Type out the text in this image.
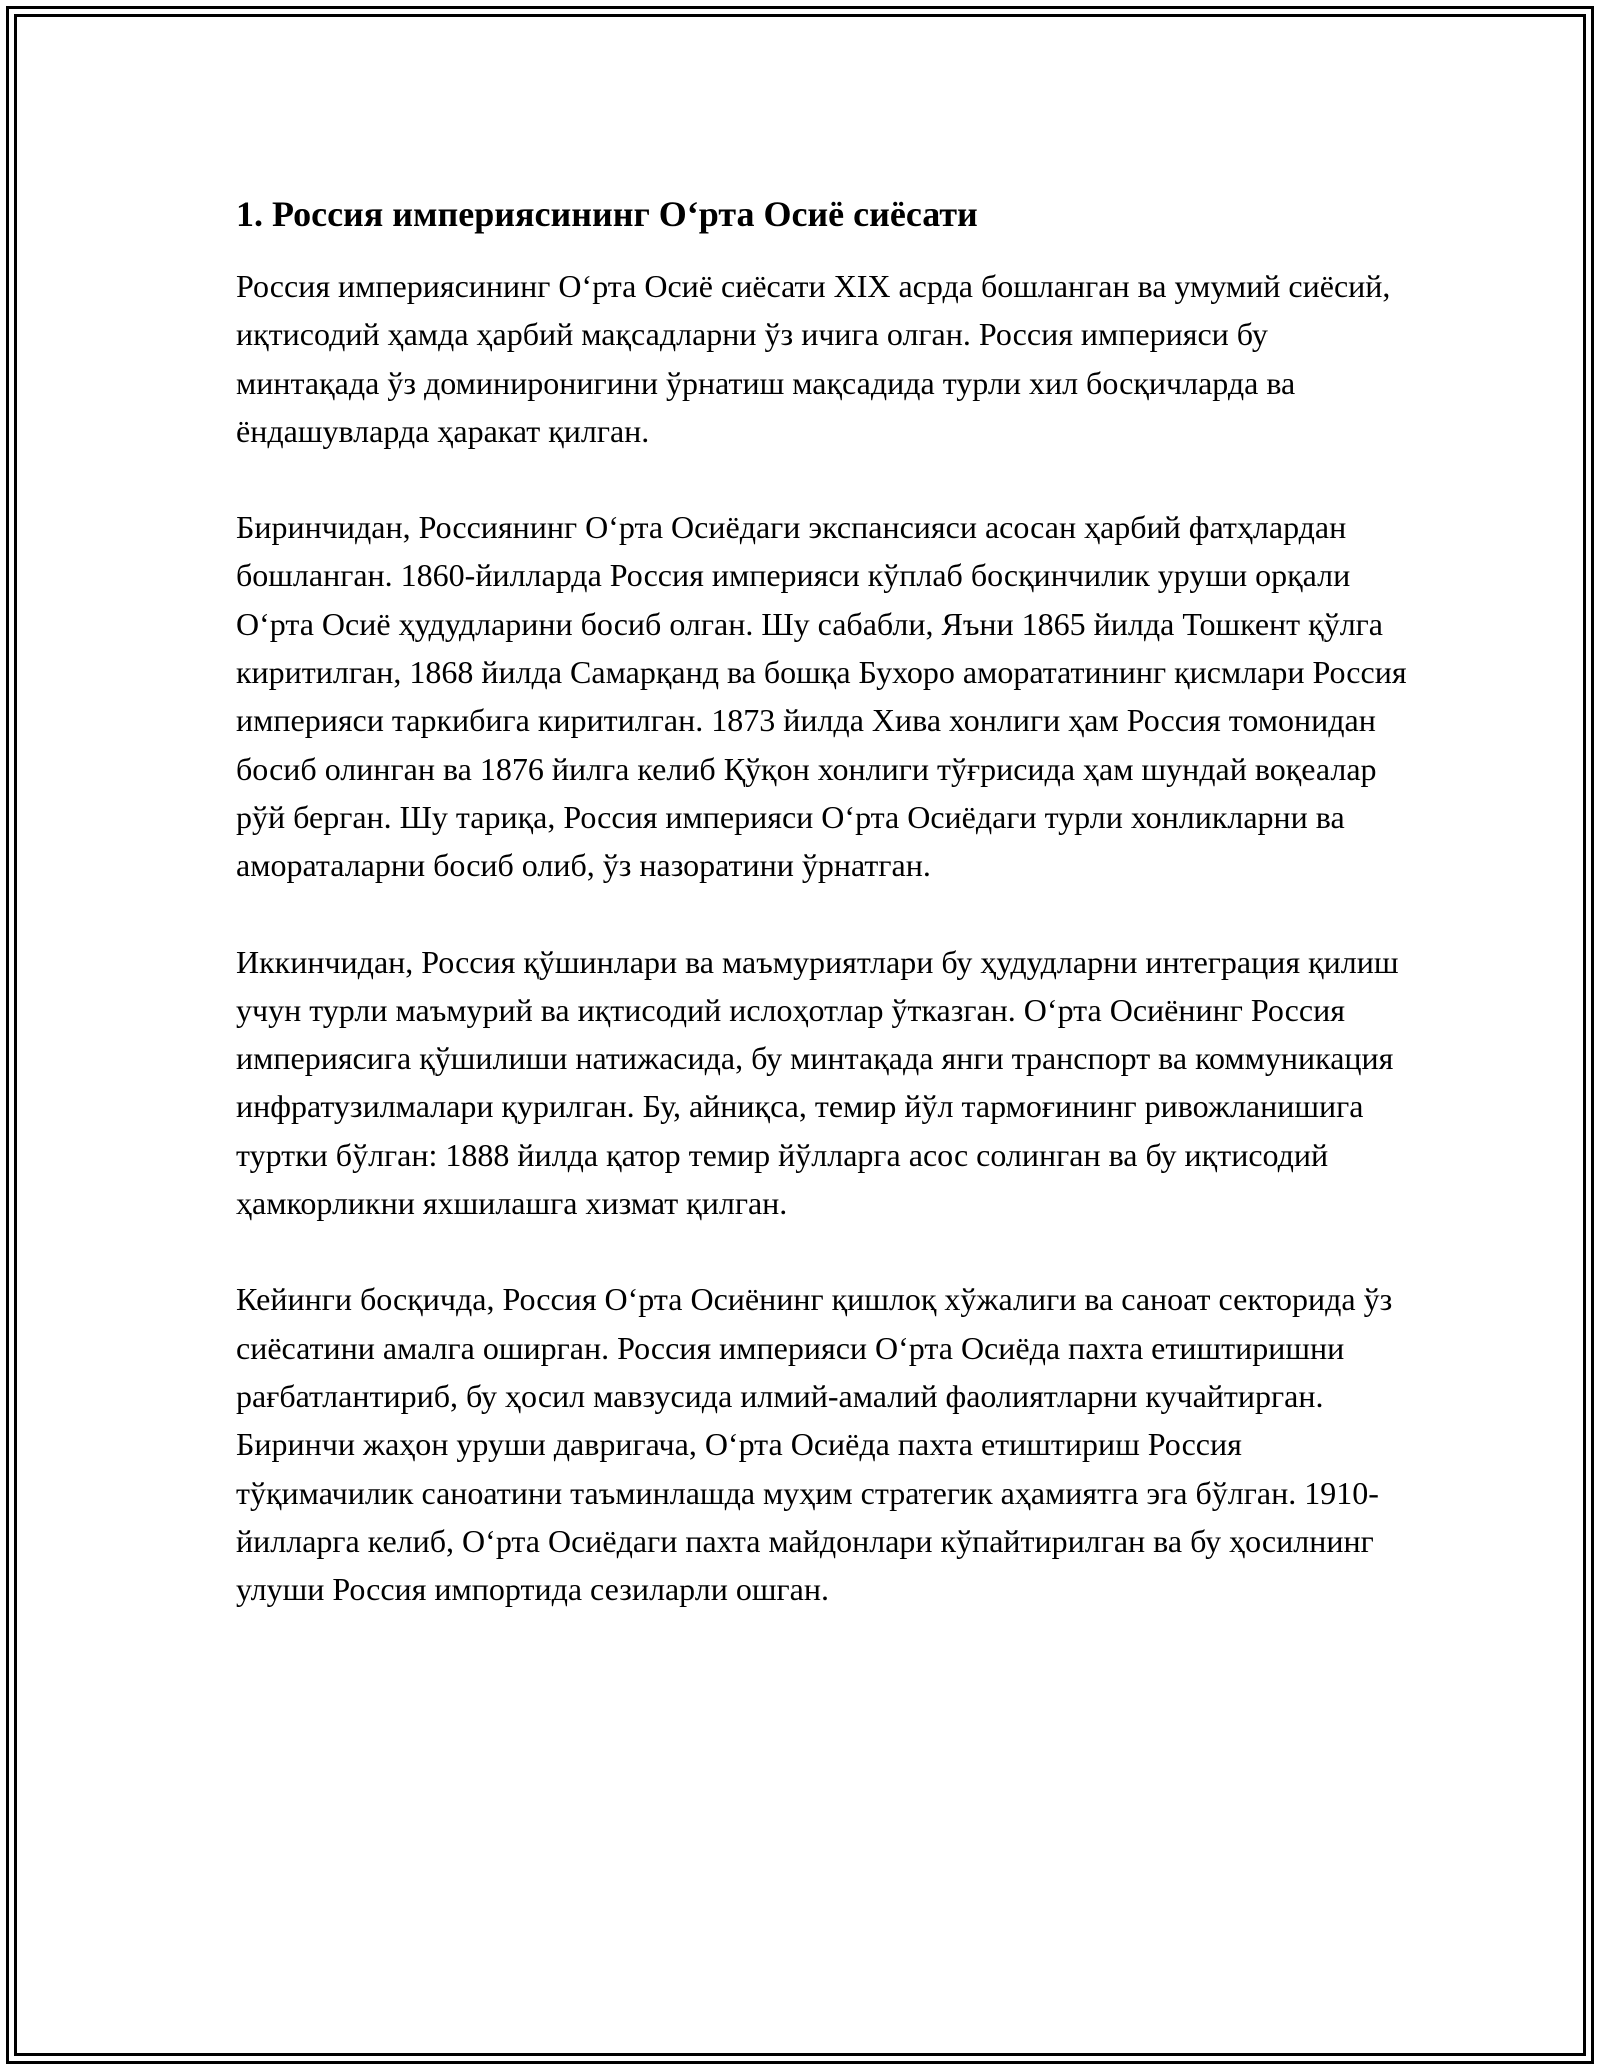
1. Россия империясининг Оʻрта Осиё сиёсати

Россия империясининг Оʻрта Осиё сиёсати XIX асрда бошланган ва умумий сиёсий, иқтисодий ҳамда ҳарбий мақсадларни ўз ичига олган. Россия империяси бу минтақада ўз доминиронигини ўрнатиш мақсадида турли хил босқичларда ва ёндашувларда ҳаракат қилган.

Биринчидан, Россиянинг Оʻрта Осиёдаги экспансияси асосан ҳарбий фатҳлардан бошланган. 1860-йилларда Россия империяси кўплаб босқинчилик уруши орқали Оʻрта Осиё ҳудудларини босиб олган. Шу сабабли, Яъни 1865 йилда Тошкент қўлга киритилган, 1868 йилда Самарқанд ва бошқа Бухоро аморататининг қисмлари Россия империяси таркибига киритилган. 1873 йилда Хива хонлиги ҳам Россия томонидан босиб олинган ва 1876 йилга келиб Қўқон хонлиги тўғрисида ҳам шундай воқеалар рўй берган. Шу тариқа, Россия империяси Оʻрта Осиёдаги турли хонликларни ва амораталарни босиб олиб, ўз назоратини ўрнатган.

Иккинчидан, Россия қўшинлари ва маъмуриятлари бу ҳудудларни интеграция қилиш учун турли маъмурий ва иқтисодий ислоҳотлар ўтказган. Оʻрта Осиёнинг Россия империясига қўшилиши натижасида, бу минтақада янги транспорт ва коммуникация инфратузилмалари қурилган. Бу, айниқса, темир йўл тармоғининг ривожланишига туртки бўлган: 1888 йилда қатор темир йўлларга асос солинган ва бу иқтисодий ҳамкорликни яхшилашга хизмат қилган.

Кейинги босқичда, Россия Оʻрта Осиёнинг қишлоқ хўжалиги ва саноат секторида ўз сиёсатини амалга оширган. Россия империяси Оʻрта Осиёда пахта етиштиришни рағбатлантириб, бу ҳосил мавзусида илмий-амалий фаолиятларни кучайтирган. Биринчи жаҳон уруши давригача, Оʻрта Осиёда пахта етиштириш Россия тўқимачилик саноатини таъминлашда муҳим стратегик аҳамиятга эга бўлган. 1910-йилларга келиб, Оʻрта Осиёдаги пахта майдонлари кўпайтирилган ва бу ҳосилнинг улуши Россия импортида сезиларли ошган.
